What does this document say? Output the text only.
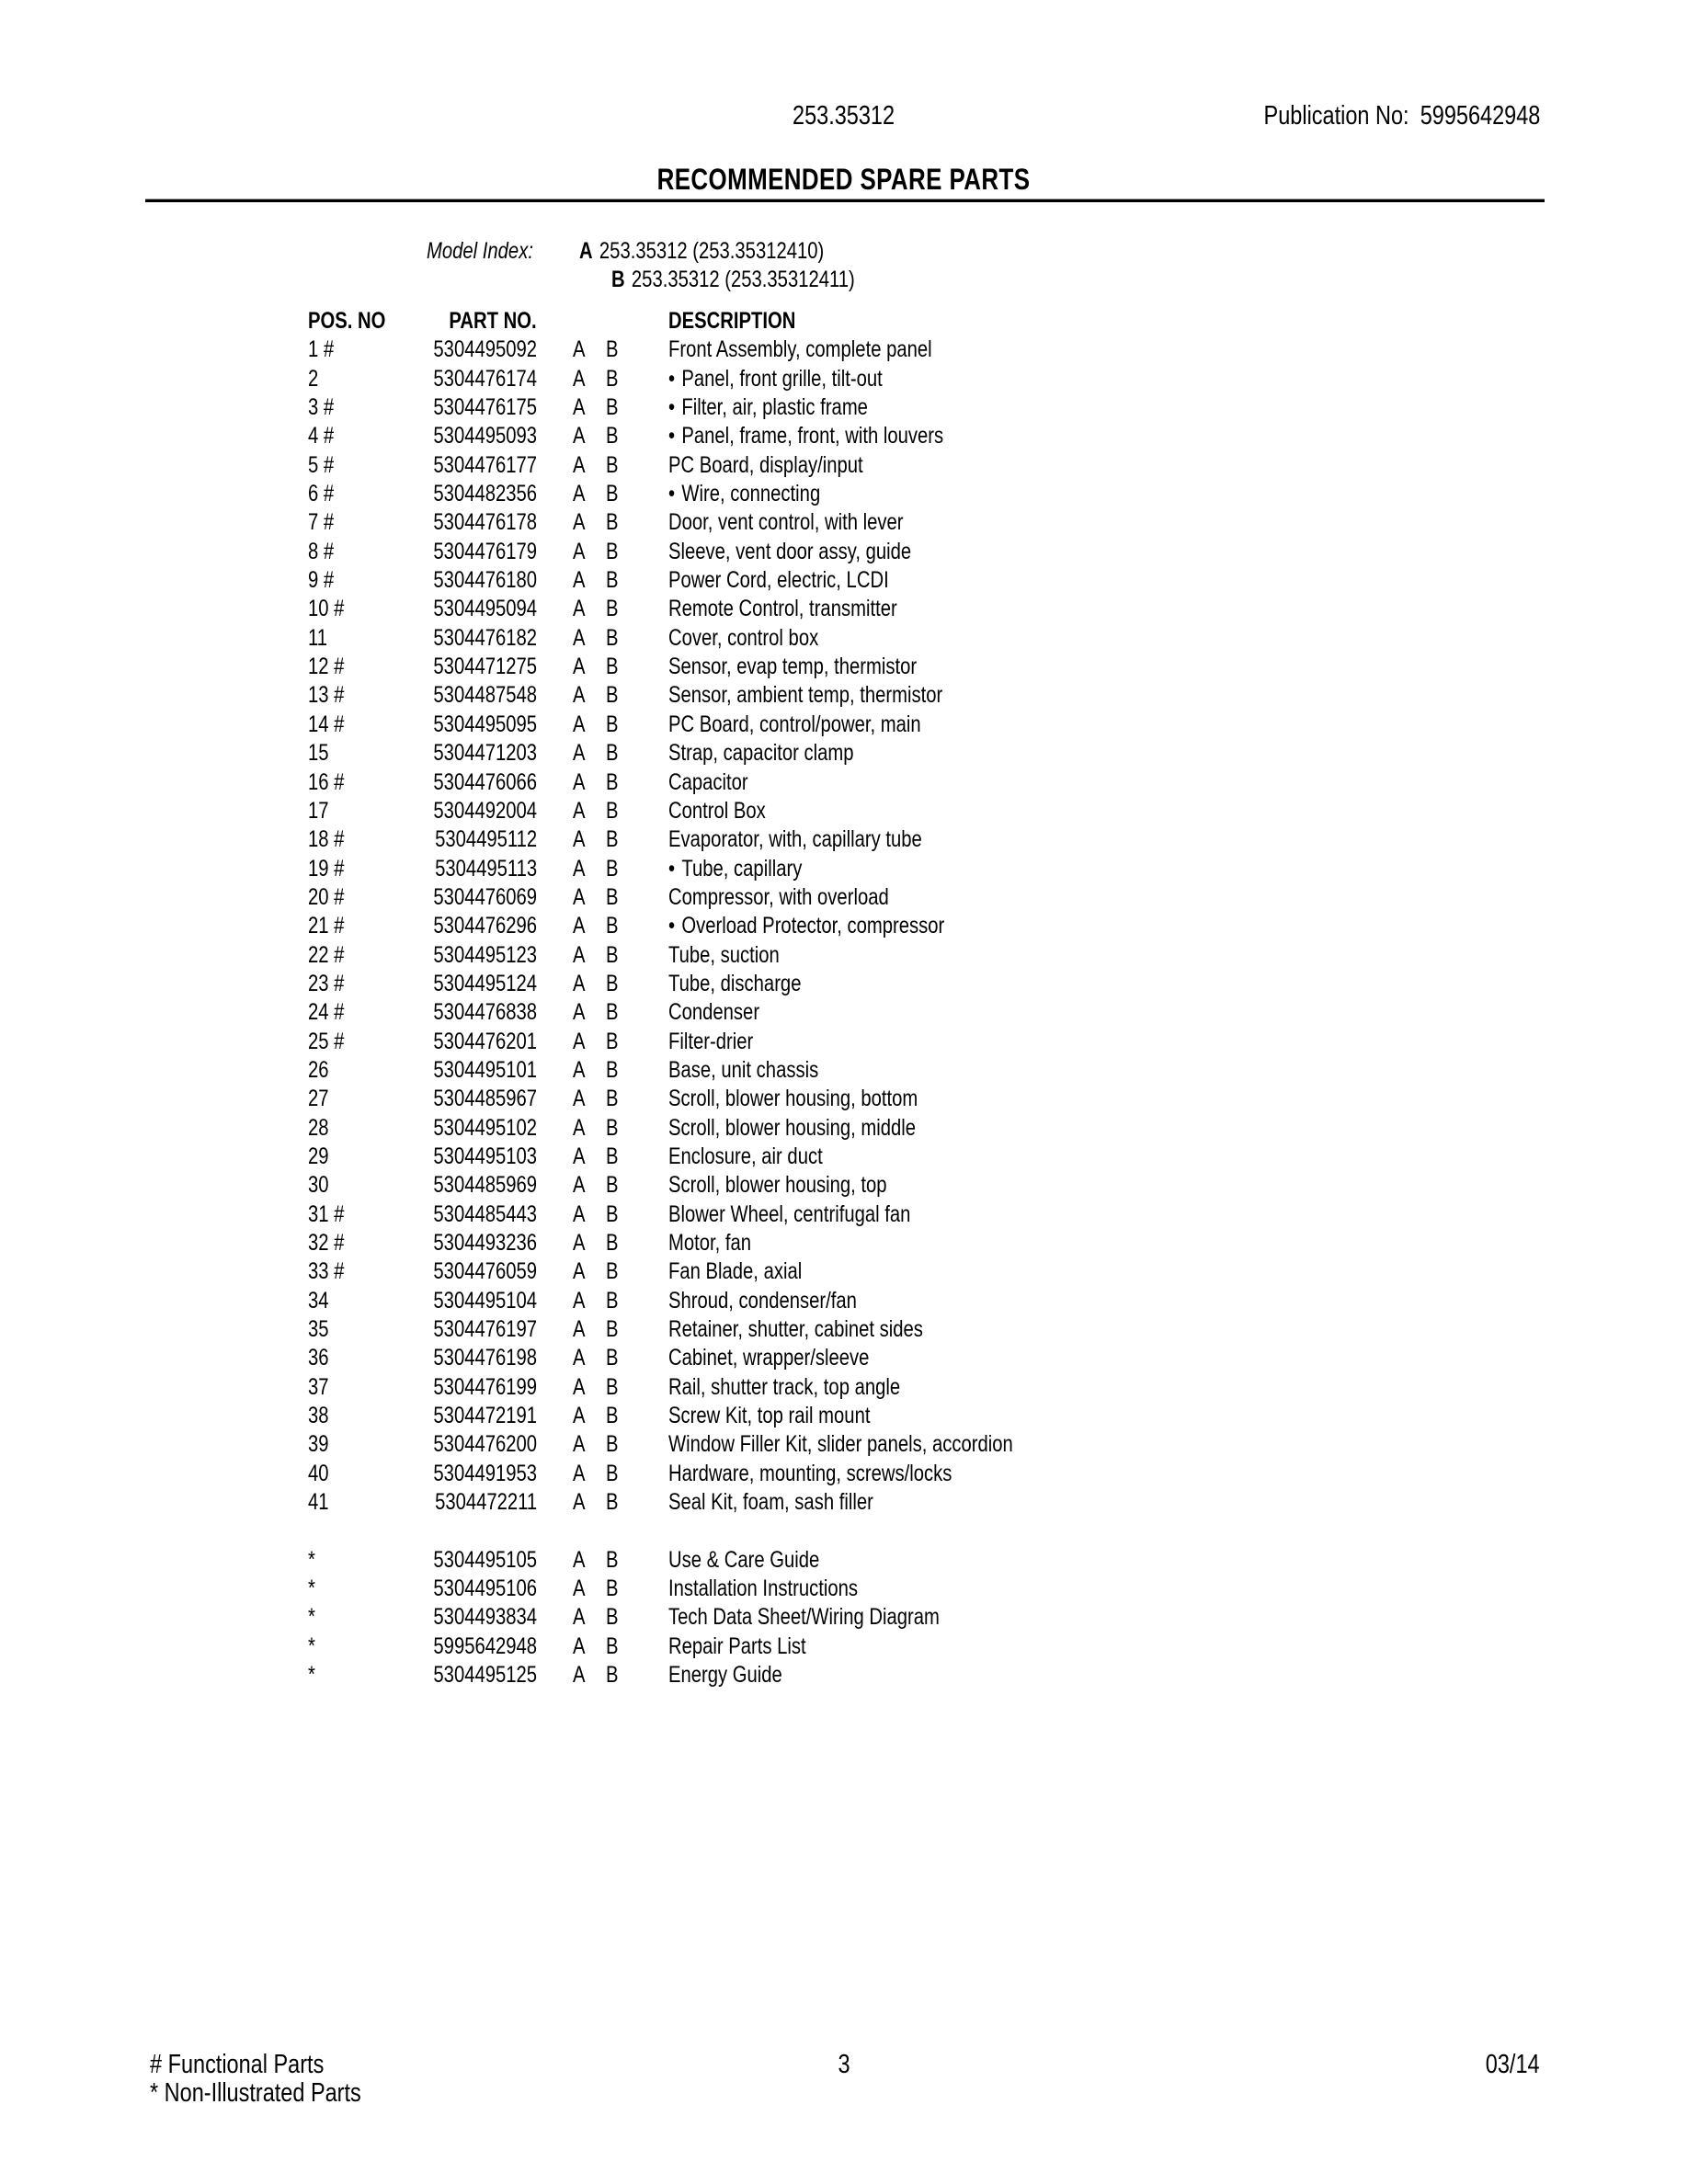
253.35312	Publication No: 5995642948
RECOMMENDED SPARE PARTS
Model Index:	A 253.35312 (253.35312410)
B 253.35312 (253.35312411)
POS. NO	PART NO.	DESCRIPTION
1 #	5304495092 A B Front Assembly, complete panel
2	5304476174 A B • Panel, front grille, tilt-out
3 #	5304476175 A B • Filter, air, plastic frame
4 #	5304495093 A B • Panel, frame, front, with louvers
5 #	5304476177 A B PC Board, display/input
6 #	5304482356 A B • Wire, connecting
7 #	5304476178 A B Door, vent control, with lever
8 #	5304476179 A B Sleeve, vent door assy, guide
9 #	5304476180 A B Power Cord, electric, LCDI
10 #	5304495094 A B Remote Control, transmitter
11	5304476182 A B Cover, control box
12 #	5304471275 A B Sensor, evap temp, thermistor
13 #	5304487548 A B Sensor, ambient temp, thermistor
14 #	5304495095 A B PC Board, control/power, main
15	5304471203 A B Strap, capacitor clamp
16 #	5304476066 A B Capacitor
17	5304492004 A B Control Box
18 #	5304495112 A B Evaporator, with, capillary tube
19 #	5304495113 A B • Tube, capillary
20 #	5304476069 A B Compressor, with overload
21 #	5304476296 A B • Overload Protector, compressor
22 #	5304495123 A B Tube, suction
23 #	5304495124 A B Tube, discharge
24 #	5304476838 A B Condenser
25 #	5304476201 A B Filter-drier
26	5304495101 A B Base, unit chassis
27	5304485967 A B Scroll, blower housing, bottom
28	5304495102 A B Scroll, blower housing, middle
29	5304495103 A B Enclosure, air duct
30	5304485969 A B Scroll, blower housing, top
31 #	5304485443 A B Blower Wheel, centrifugal fan
32 #	5304493236 A B Motor, fan
33 #	5304476059 A B Fan Blade, axial
34	5304495104 A B Shroud, condenser/fan
35	5304476197 A B Retainer, shutter, cabinet sides
36	5304476198 A B Cabinet, wrapper/sleeve
37	5304476199 A B Rail, shutter track, top angle
38	5304472191 A B Screw Kit, top rail mount
39	5304476200 A B Window Filler Kit, slider panels, accordion
40	5304491953 A B Hardware, mounting, screws/locks
41	5304472211 A B Seal Kit, foam, sash filler
*	5304495105 A B Use & Care Guide
*	5304495106 A B Installation Instructions
*	5304493834 A B Tech Data Sheet/Wiring Diagram
*	5995642948 A B Repair Parts List
*	5304495125 A B Energy Guide
# Functional Parts
* Non-Illustrated Parts
3	03/14
